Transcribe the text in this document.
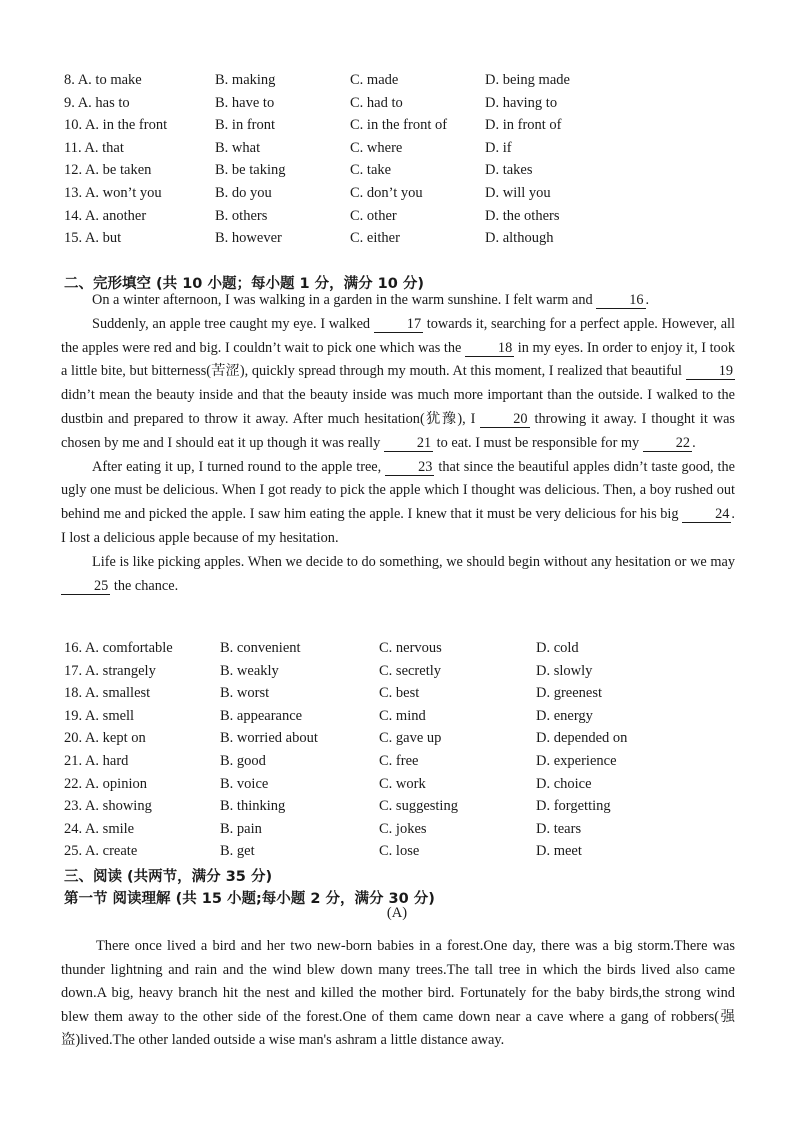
8. A. to make	B. making	C. made	D. being made
9. A. has to	B. have to	C. had to	D. having to
10. A. in the front	B. in front	C. in the front of	D. in front of
11. A. that	B. what	C. where	D. if
12. A. be taken	B. be taking	C. take	D. takes
13. A. won’t you	B. do you	C. don’t you	D. will you
14. A. another	B. others	C. other	D. the others
15. A. but	B. however	C. either	D. although
二、完形填空 (共 10 小题；每小题 1 分，满分 10 分)

On a winter afternoon, I was walking in a garden in the warm sunshine. I felt warm and 16 .

Suddenly, an apple tree caught my eye. I walked 17 towards it, searching for a perfect apple. However, all the apples were red and big. I couldn’t wait to pick one which was the 18 in my eyes. In order to enjoy it, I took a little bite, but bitterness(苦涩), quickly spread through my mouth. At this moment, I realized that beautiful 19 didn’t mean the beauty inside and that the beauty inside was much more important than the outside. I walked to the dustbin and prepared to throw it away. After much hesitation(犹豫), I 20 throwing it away. I thought it was chosen by me and I should eat it up though it was really 21 to eat. I must be responsible for my 22 .

After eating it up, I turned round to the apple tree, 23 that since the beautiful apples didn’t taste good, the ugly one must be delicious. When I got ready to pick the apple which I thought was delicious. Then, a boy rushed out behind me and picked the apple. I saw him eating the apple. I knew that it must be very delicious for his big 24 . I lost a delicious apple because of my hesitation.

Life is like picking apples. When we decide to do something, we should begin without any hesitation or we may 25 the chance.

16. A. comfortable	B. convenient	C. nervous	D. cold
17. A. strangely	B. weakly	C. secretly	D. slowly
18. A. smallest	B. worst	C. best	D. greenest
19. A. smell	B. appearance	C. mind	D. energy
20. A. kept on	B. worried about	C. gave up	D. depended on
21. A. hard	B. good	C. free	D. experience
22. A. opinion	B. voice	C. work	D. choice
23. A. showing	B. thinking	C. suggesting	D. forgetting
24. A. smile	B. pain	C. jokes	D. tears
25. A. create	B. get	C. lose	D. meet
三、阅读 (共两节，满分 35 分)
第一节 阅读理解 (共 15 小题;每小题 2 分，满分 30 分)
(A)

There once lived a bird and her two new-born babies in a forest.One day, there was a big storm.There was thunder lightning and rain and the wind blew down many trees.The tall tree in which the birds lived also came down.A big, heavy branch hit the nest and killed the mother bird. Fortunately for the baby birds,the strong wind blew them away to the other side of the forest.One of them came down near a cave where a gang of robbers(强盗)lived.The other landed outside a wise man's ashram a little distance away.
